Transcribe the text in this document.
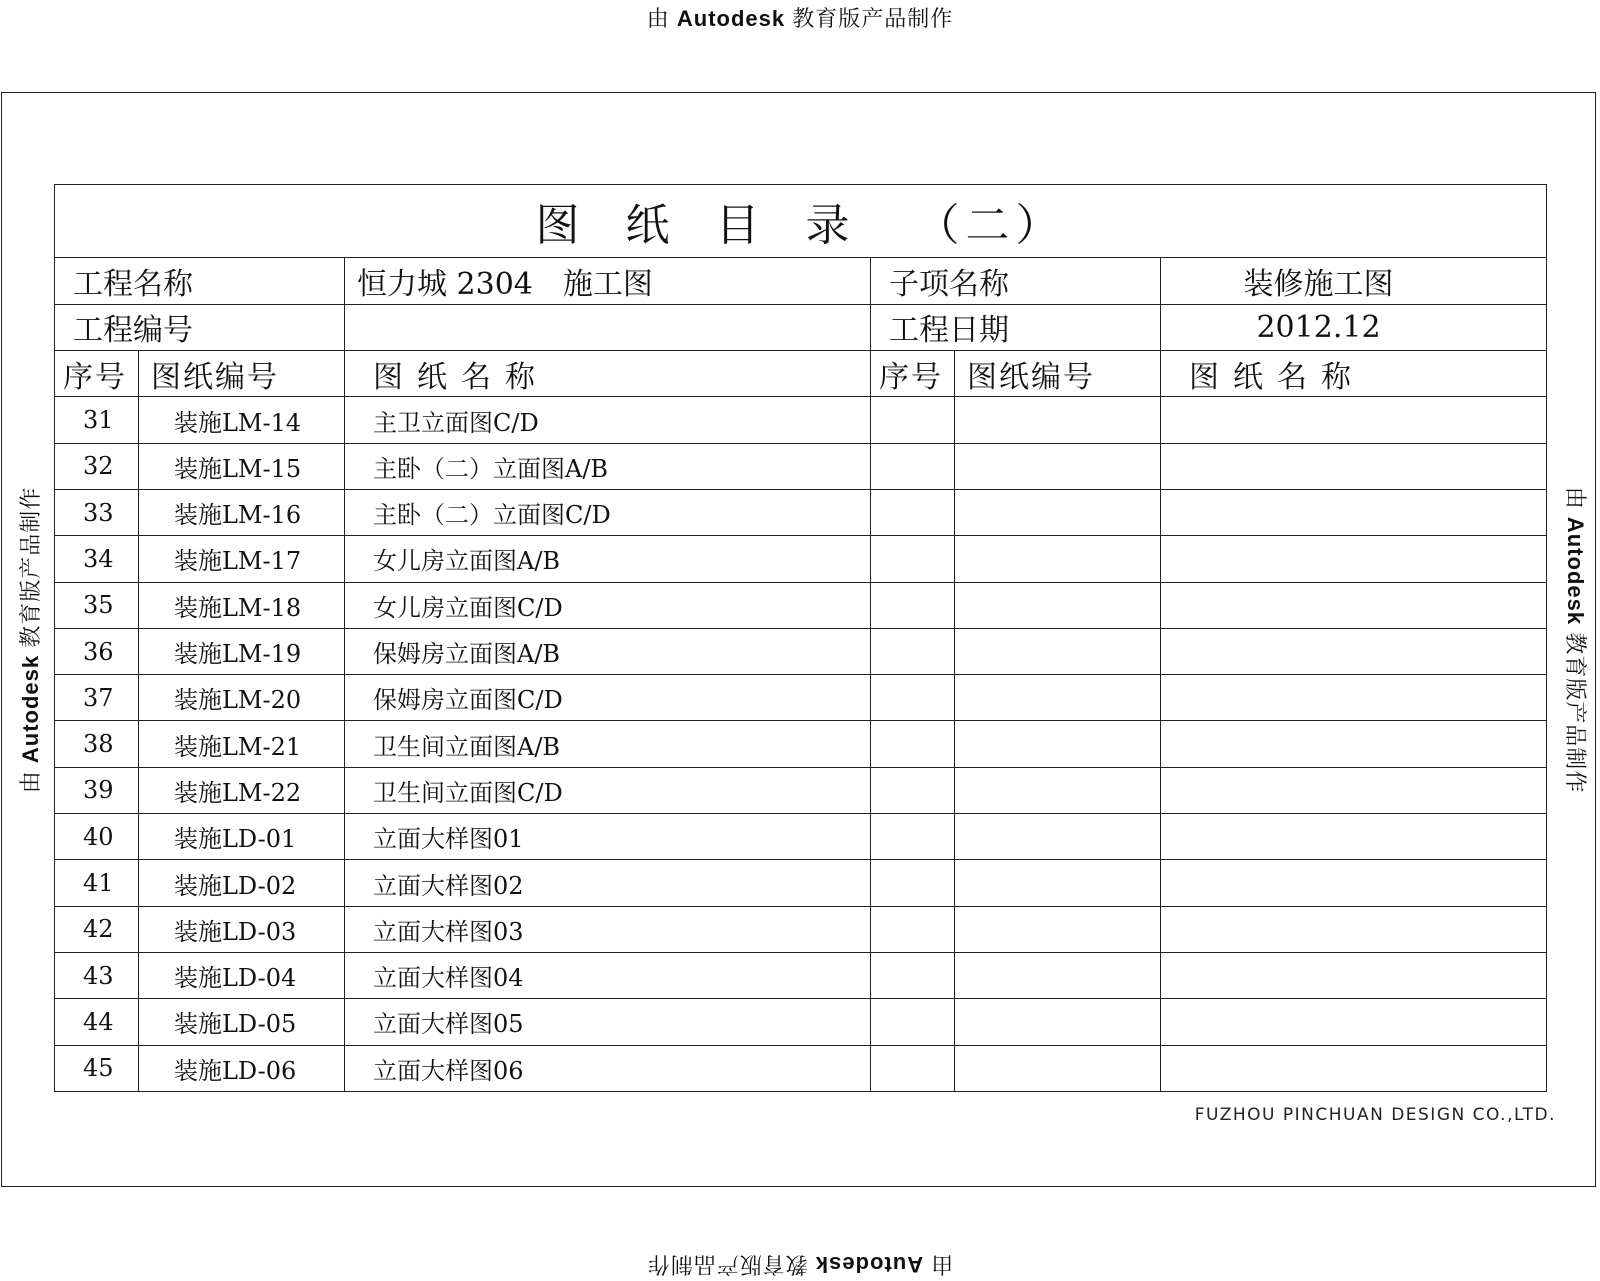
由 Autodesk 教育版产品制作
由 Autodesk 教育版产品制作	由 Autodesk 教育版产品制作
由 Autodesk 教育版产品制作
图纸目录 （二）					
工程名称		恒力城 2304　施工图	子项名称		装修施工图
工程编号			工程日期		2012.12
序号	图纸编号	图纸名称	序号	图纸编号	图纸名称
31	装施LM-14	主卫立面图C/D			
32	装施LM-15	主卧（二）立面图A/B			
33	装施LM-16	主卧（二）立面图C/D			
34	装施LM-17	女儿房立面图A/B			
35	装施LM-18	女儿房立面图C/D			
36	装施LM-19	保姆房立面图A/B			
37	装施LM-20	保姆房立面图C/D			
38	装施LM-21	卫生间立面图A/B			
39	装施LM-22	卫生间立面图C/D			
40	装施LD-01	立面大样图01			
41	装施LD-02	立面大样图02			
42	装施LD-03	立面大样图03			
43	装施LD-04	立面大样图04			
44	装施LD-05	立面大样图05			
45	装施LD-06	立面大样图06			
FUZHOU PINCHUAN DESIGN CO.,LTD.
